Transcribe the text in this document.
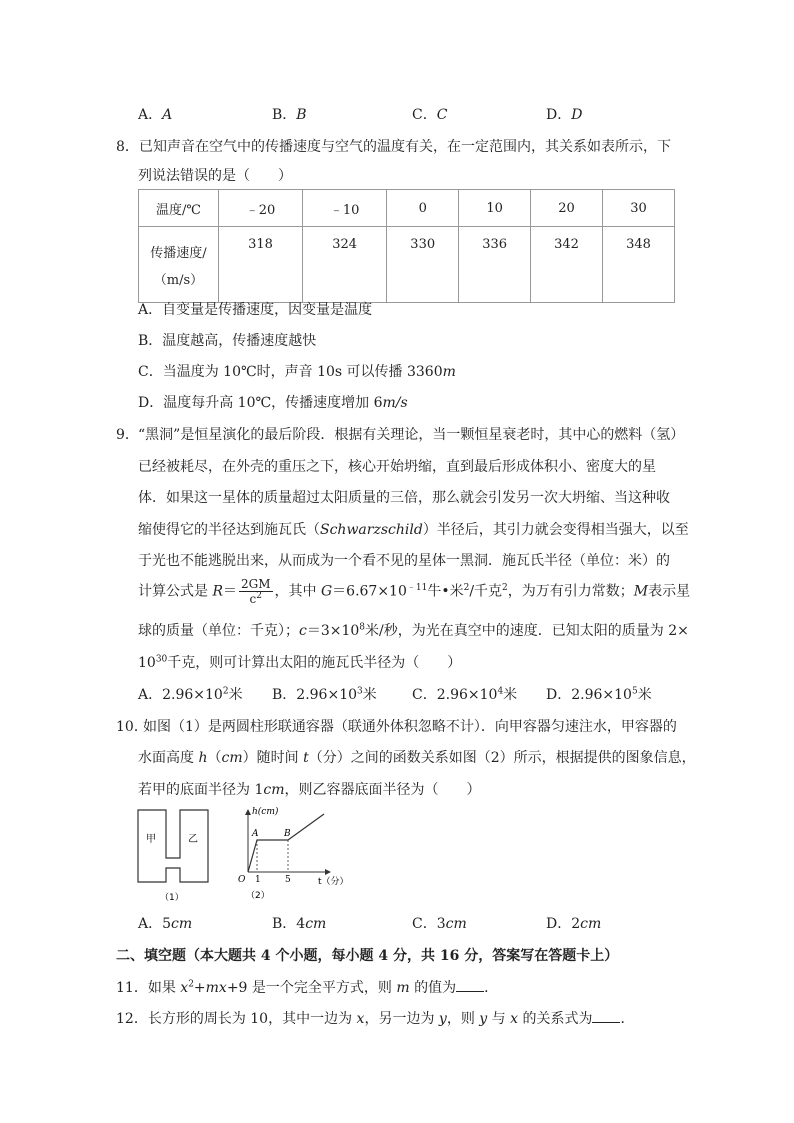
A．A	B．B	C．C	D．D
8． 已知声音在空气中的传播速度与空气的温度有关，在一定范围内，其关系如表所示，下
列说法错误的是（　　）
温度/℃	﹣20	﹣10	0	10	20	30

传播速度/
（m/s）	318	324	330	336	342	348
A．自变量是传播速度，因变量是温度
B．温度越高，传播速度越快
C．当温度为 10℃时，声音 10s 可以传播 3360m
D．温度每升高 10℃，传播速度增加 6m/s
9． “黑洞”是恒星演化的最后阶段．根据有关理论，当一颗恒星衰老时，其中心的燃料（氢）
已经被耗尽，在外壳的重压之下，核心开始坍缩，直到最后形成体积小、密度大的星
体．如果这一星体的质量超过太阳质量的三倍，那么就会引发另一次大坍缩、当这种收
缩使得它的半径达到施瓦氏（Schwarzschild）半径后，其引力就会变得相当强大，以至
于光也不能逃脱出来，从而成为一个看不见的星体一黑洞．施瓦氏半径（单位：米）的
计算公式是 $R= \frac{2GM}{c^2}$ ，其中 $G=6.67\times 10^{﹣11}$牛•米$^2$/千克$^2$，为万有引力常数；M表示星
球的质量（单位：千克）；$c=3\times 10^8$米/秒，为光在真空中的速度．已知太阳的质量为 2×
$10^{30}$千克，则可计算出太阳的施瓦氏半径为（　　）
A．$2.96\times 10^2$米 B．$2.96\times 10^3$米	C．$2.96\times 10^4$米 D．$2.96\times 10^5$米
10．
如图（1）是两圆柱形联通容器（联通外体积忽略不计）．向甲容器匀速注水，甲容器的
水面高度 h（cm）随时间 t（分）之间的函数关系如图（2）所示，根据提供的图象信息，
若甲的底面半径为 1cm，则乙容器底面半径为（　　）
甲	乙
（1）
h(cm)
A	B
O 1	5	t（分）
（2）
A．5cm	B．4cm	C．3cm	D．2cm
二、填空题（本大题共 4 个小题，每小题 4 分，共 16 分，答案写在答题卡上）
11．如果 $x^2+mx+9$ 是一个完全平方式，则 m 的值为 ．
12．长方形的周长为 10，其中一边为 x，另一边为 y，则 y 与 x 的关系式为 ．
